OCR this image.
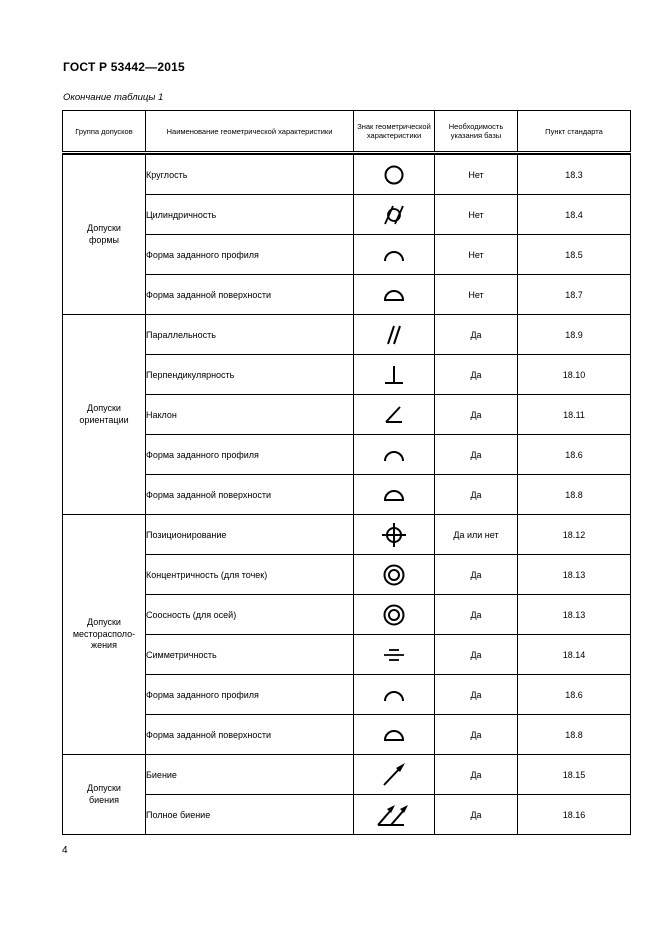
ГОСТ Р 53442—2015
Окончание таблицы 1
Группа допусков	Наименование геометрической характеристики	Знак геометрической характеристики	Необходимость указания базы	Пункт стандарта

Допуски
формы	Круглость		Нет	18.3
	Цилиндричность		Нет	18.4
	Форма заданного профиля		Нет	18.5
	Форма заданной поверхности		Нет	18.7
Допуски
ориентации	Параллельность		Да	18.9
	Перпендикулярность		Да	18.10
	Наклон		Да	18.11
	Форма заданного профиля		Да	18.6
	Форма заданной поверхности		Да	18.8
Допуски
месторасполо-
жения	Позиционирование		Да или нет	18.12
	Концентричность (для точек)		Да	18.13
	Соосность (для осей)		Да	18.13
	Симметричность		Да	18.14
	Форма заданного профиля		Да	18.6
	Форма заданной поверхности		Да	18.8
Допуски
биения	Биение		Да	18.15
	Полное биение		Да	18.16
4
